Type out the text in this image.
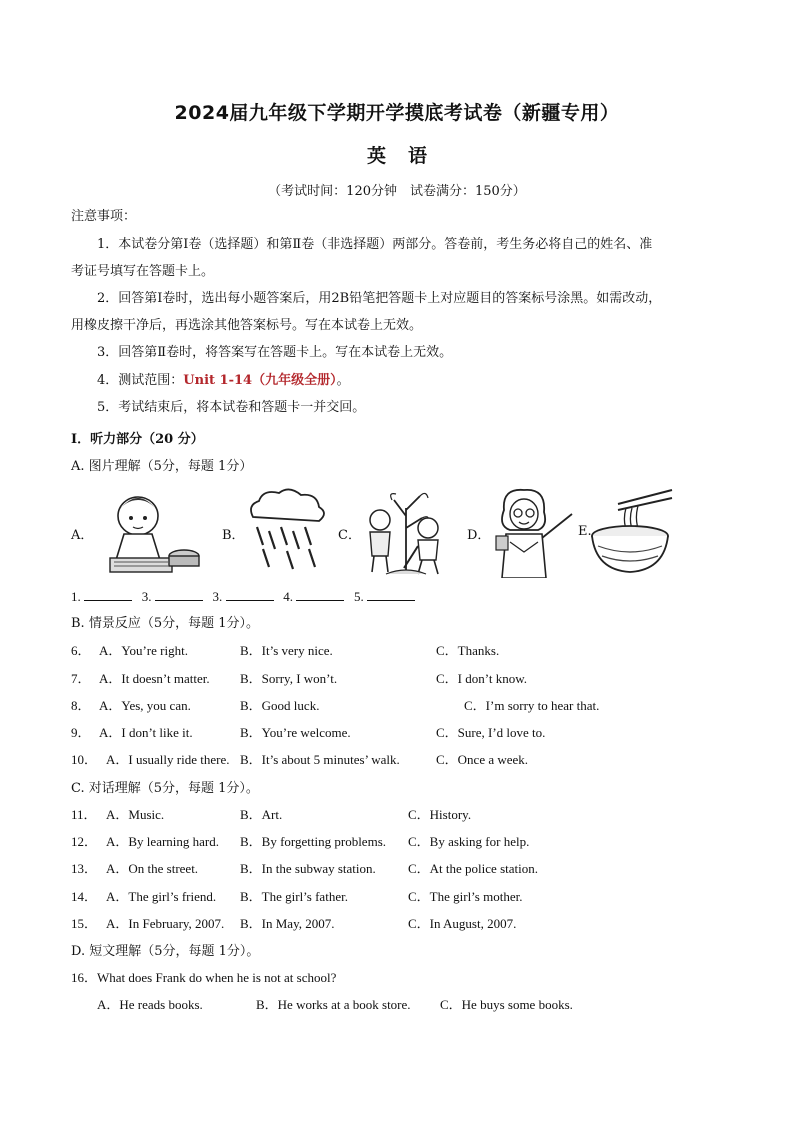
2024届九年级下学期开学摸底考试卷（新疆专用）
英语
（考试时间：120分钟　试卷满分：150分）
注意事项：
1．本试卷分第Ⅰ卷（选择题）和第Ⅱ卷（非选择题）两部分。答卷前，考生务必将自己的姓名、准
考证号填写在答题卡上。
2．回答第Ⅰ卷时，选出每小题答案后，用2B铅笔把答题卡上对应题目的答案标号涂黑。如需改动，
用橡皮擦干净后，再选涂其他答案标号。写在本试卷上无效。
3．回答第Ⅱ卷时，将答案写在答题卡上。写在本试卷上无效。
4．测试范围：Unit 1-14（九年级全册）。
5．考试结束后，将本试卷和答题卡一并交回。
Ⅰ．听力部分（20 分）
A. 图片理解（5分，每题 1分）
A．	B．	C．	D．	E.
1.	3.	3.	4.	5.
B. 情景反应（5分，每题 1分）。
6． A．You’re right.	B．It’s very nice.	C．Thanks.
7． A．It doesn’t matter. B．Sorry, I won’t.	C．I don’t know.
8． A．Yes, you can.	B．Good luck.	C．I’m sorry to hear that.
9． A．I don’t like it.	B．You’re welcome.	C．Sure, I’d love to.
10． A．I usually ride there. B．It’s about 5 minutes’ walk.	C．Once a week.
C. 对话理解（5分，每题 1分）。
11． A．Music.	B．Art.	C．History.
12． A．By learning hard. B．By forgetting problems. C．By asking for help.
13． A．On the street.	B．In the subway station. C．At the police station.
14． A．The girl’s friend. B．The girl’s father.	C．The girl’s mother.
15． A．In February, 2007. B．In May, 2007.	C．In August, 2007.
D. 短文理解（5分，每题 1分）。
16．What does Frank do when he is not at school?
A．He reads books.	B．He works at a book store. C．He buys some books.
